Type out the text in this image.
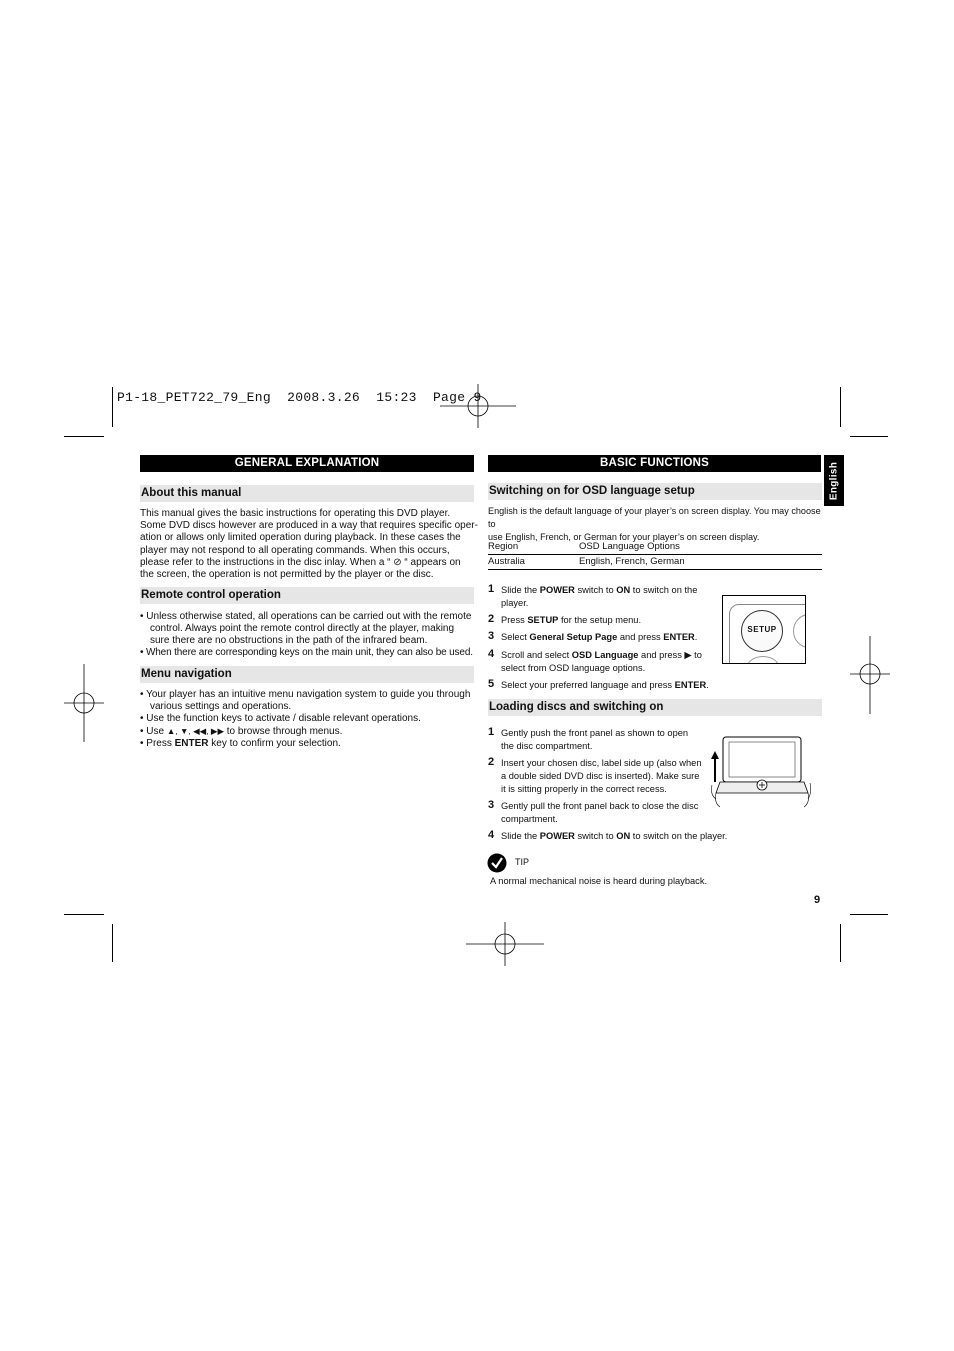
P1-18_PET722_79_Eng  2008.3.26  15:23  Page 9
English
GENERAL EXPLANATION
About this manual
This manual gives the basic instructions for operating this DVD player.
Some DVD discs however are produced in a way that requires specific oper-
ation or allows only limited operation during playback. In these cases the
player may not respond to all operating commands. When this occurs,
please refer to the instructions in the disc inlay. When a “ ⊘ “ appears on
the screen, the operation is not permitted by the player or the disc.
Remote control operation
• Unless otherwise stated, all operations can be carried out with the remote control. Always point the remote control directly at the player, making sure there are no obstructions in the path of the infrared beam.
• When there are corresponding keys on the main unit, they can also be used.
Menu navigation
• Your player has an intuitive menu navigation system to guide you through various settings and operations.
• Use the function keys to activate / disable relevant operations.
• Use ▲, ▼, ◀◀, ▶▶ to browse through menus.
• Press ENTER key to confirm your selection.
BASIC FUNCTIONS
Switching on for OSD language setup
English is the default language of your player’s on screen display. You may choose to
use English, French, or German for your player’s on screen display.
Region	OSD Language Options
Australia	English, French, German
1 Slide the POWER switch to ON to switch on the
player.
2 Press SETUP for the setup menu.
3 Select General Setup Page and press ENTER.
4 Scroll and select OSD Language and press ▶ to
select from OSD language options.
5 Select your preferred language and press ENTER.
SETUP
Loading discs and switching on
1 Gently push the front panel as shown to open
the disc compartment.
2 Insert your chosen disc, label side up (also when
a double sided DVD disc is inserted). Make sure
it is sitting properly in the correct recess.
3 Gently pull the front panel back to close the disc
compartment.
4 Slide the POWER switch to ON to switch on the player.
TIP
A normal mechanical noise is heard during playback.
9
